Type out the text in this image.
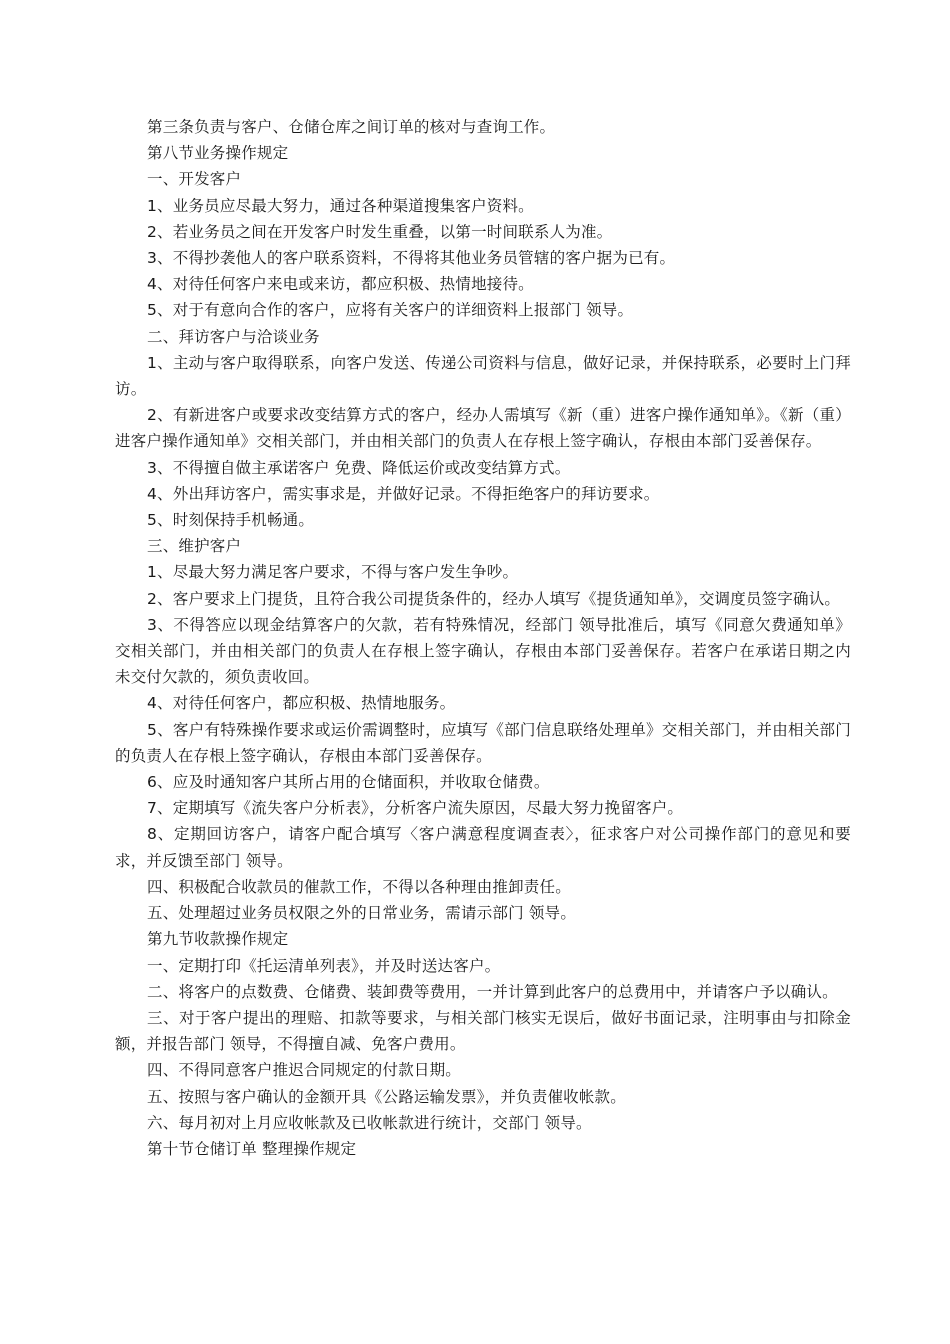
第三条负责与客户、仓储仓库之间订单的核对与查询工作。

第八节业务操作规定

一、开发客户

1、业务员应尽最大努力，通过各种渠道搜集客户资料。

2、若业务员之间在开发客户时发生重叠，以第一时间联系人为准。

3、不得抄袭他人的客户联系资料，不得将其他业务员管辖的客户据为已有。

4、对待任何客户来电或来访，都应积极、热情地接待。

5、对于有意向合作的客户，应将有关客户的详细资料上报部门 领导。

二、拜访客户与洽谈业务

1、主动与客户取得联系，向客户发送、传递公司资料与信息，做好记录，并保持联系，必要时上门拜访。

2、有新进客户或要求改变结算方式的客户，经办人需填写《新（重）进客户操作通知单》。《新（重）进客户操作通知单》交相关部门，并由相关部门的负责人在存根上签字确认，存根由本部门妥善保存。

3、不得擅自做主承诺客户 免费、降低运价或改变结算方式。

4、外出拜访客户，需实事求是，并做好记录。不得拒绝客户的拜访要求。

5、时刻保持手机畅通。

三、维护客户

1、尽最大努力满足客户要求，不得与客户发生争吵。

2、客户要求上门提货，且符合我公司提货条件的，经办人填写《提货通知单》，交调度员签字确认。

3、不得答应以现金结算客户的欠款，若有特殊情况，经部门 领导批准后，填写《同意欠费通知单》交相关部门，并由相关部门的负责人在存根上签字确认，存根由本部门妥善保存。若客户在承诺日期之内未交付欠款的，须负责收回。

4、对待任何客户，都应积极、热情地服务。

5、客户有特殊操作要求或运价需调整时，应填写《部门信息联络处理单》交相关部门，并由相关部门的负责人在存根上签字确认，存根由本部门妥善保存。

6、应及时通知客户其所占用的仓储面积，并收取仓储费。

7、定期填写《流失客户分析表》，分析客户流失原因，尽最大努力挽留客户。

8、定期回访客户，请客户配合填写〈客户满意程度调查表〉，征求客户对公司操作部门的意见和要求，并反馈至部门 领导。

四、积极配合收款员的催款工作，不得以各种理由推卸责任。

五、处理超过业务员权限之外的日常业务，需请示部门 领导。

第九节收款操作规定

一、定期打印《托运清单列表》，并及时送达客户。

二、将客户的点数费、仓储费、装卸费等费用，一并计算到此客户的总费用中，并请客户予以确认。

三、对于客户提出的理赔、扣款等要求，与相关部门核实无误后，做好书面记录，注明事由与扣除金额，并报告部门 领导，不得擅自减、免客户费用。

四、不得同意客户推迟合同规定的付款日期。

五、按照与客户确认的金额开具《公路运输发票》，并负责催收帐款。

六、每月初对上月应收帐款及已收帐款进行统计，交部门 领导。

第十节仓储订单 整理操作规定
